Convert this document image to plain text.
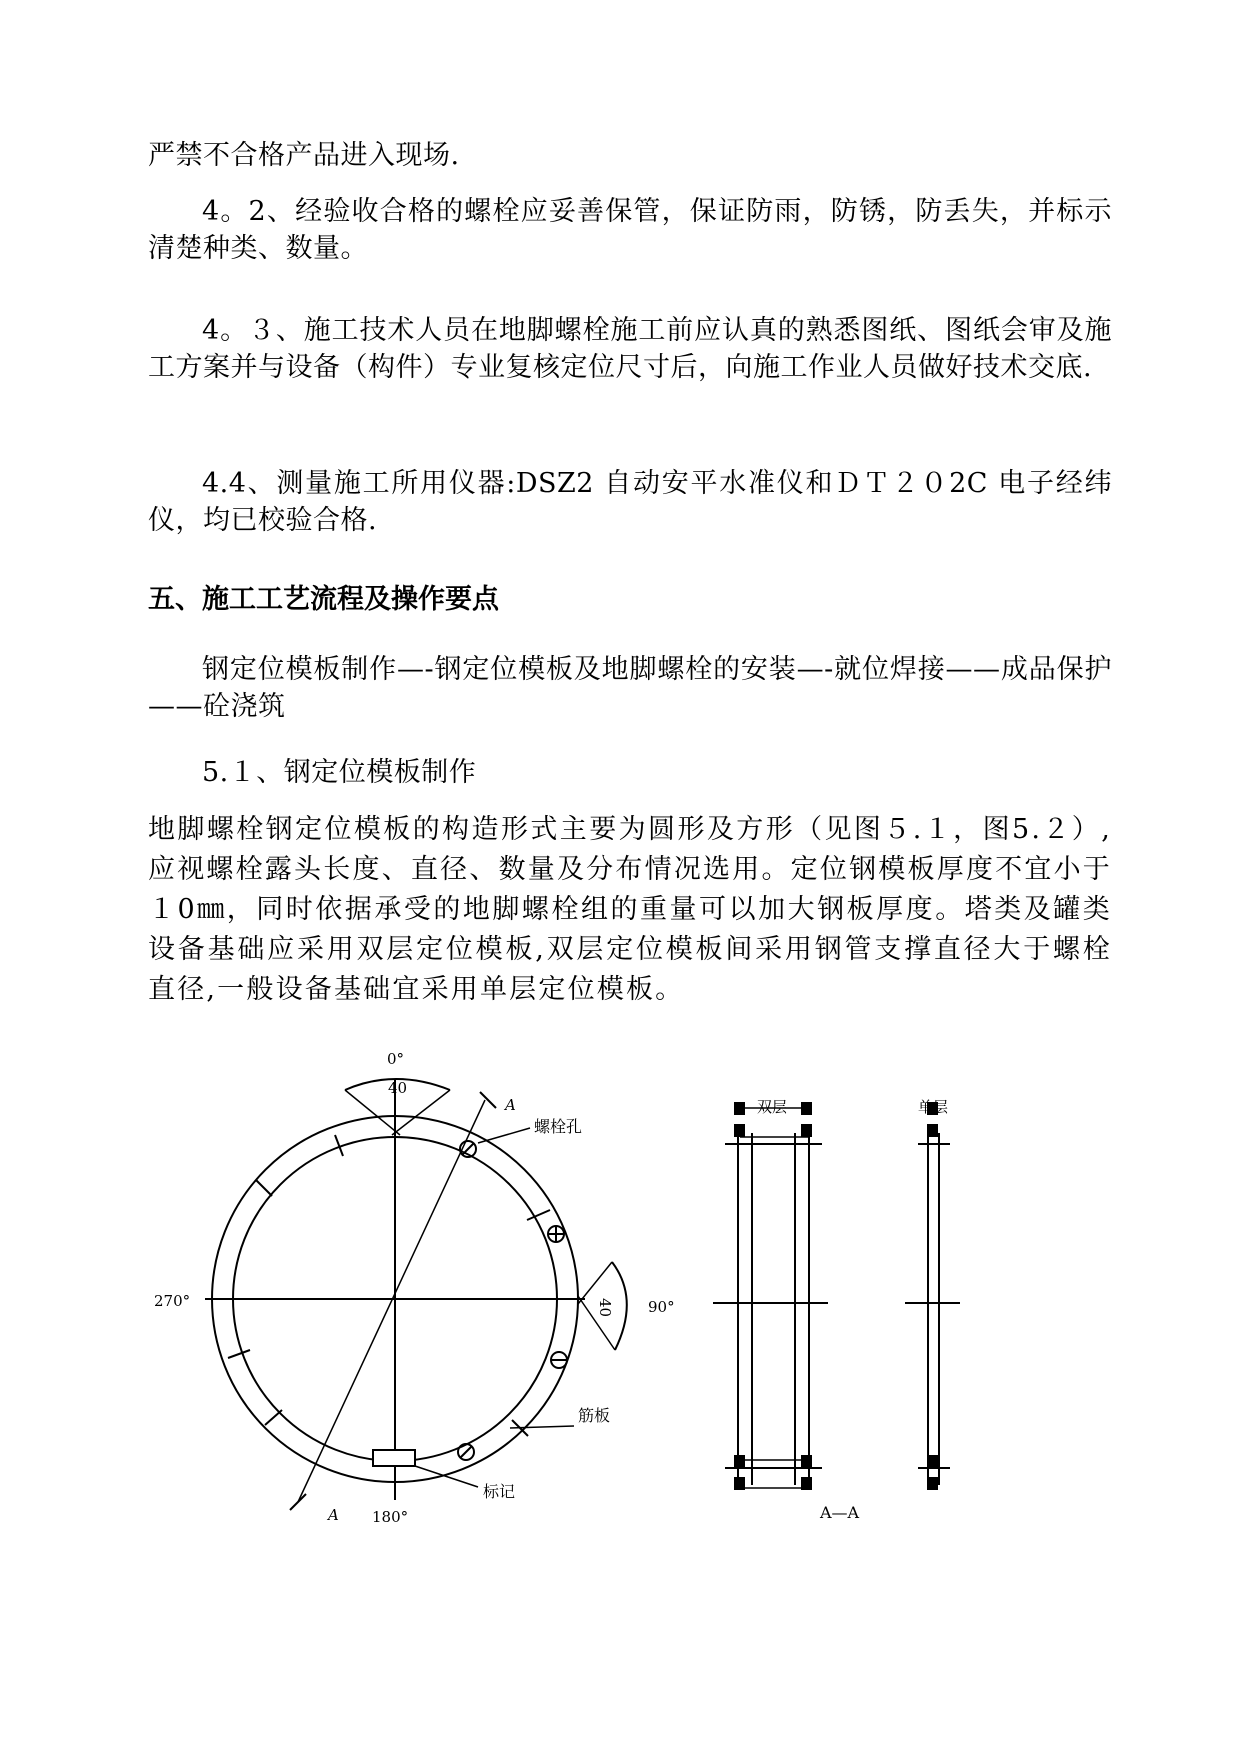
严禁不合格产品进入现场.

4。2、经验收合格的螺栓应妥善保管，保证防雨，防锈，防丢失，并标示清楚种类、数量。

4。３、施工技术人员在地脚螺栓施工前应认真的熟悉图纸、图纸会审及施工方案并与设备（构件）专业复核定位尺寸后，向施工作业人员做好技术交底.

4.4、测量施工所用仪器:DSZ2 自动安平水准仪和ＤＴ２０2C 电子经纬仪，均已校验合格.

五、施工工艺流程及操作要点

钢定位模板制作—-钢定位模板及地脚螺栓的安装—-就位焊接——成品保护——砼浇筑

5.１、钢定位模板制作

地脚螺栓钢定位模板的构造形式主要为圆形及方形（见图５.１，图5.２）,应视螺栓露头长度、直径、数量及分布情况选用。定位钢模板厚度不宜小于１0㎜，同时依据承受的地脚螺栓组的重量可以加大钢板厚度。塔类及罐类设备基础应采用双层定位模板,双层定位模板间采用钢管支撑直径大于螺栓直径,一般设备基础宜采用单层定位模板。

0°
40
90°
270°
180°
40
A
A
螺栓孔
筋板
标记
双层	单层
A—A
